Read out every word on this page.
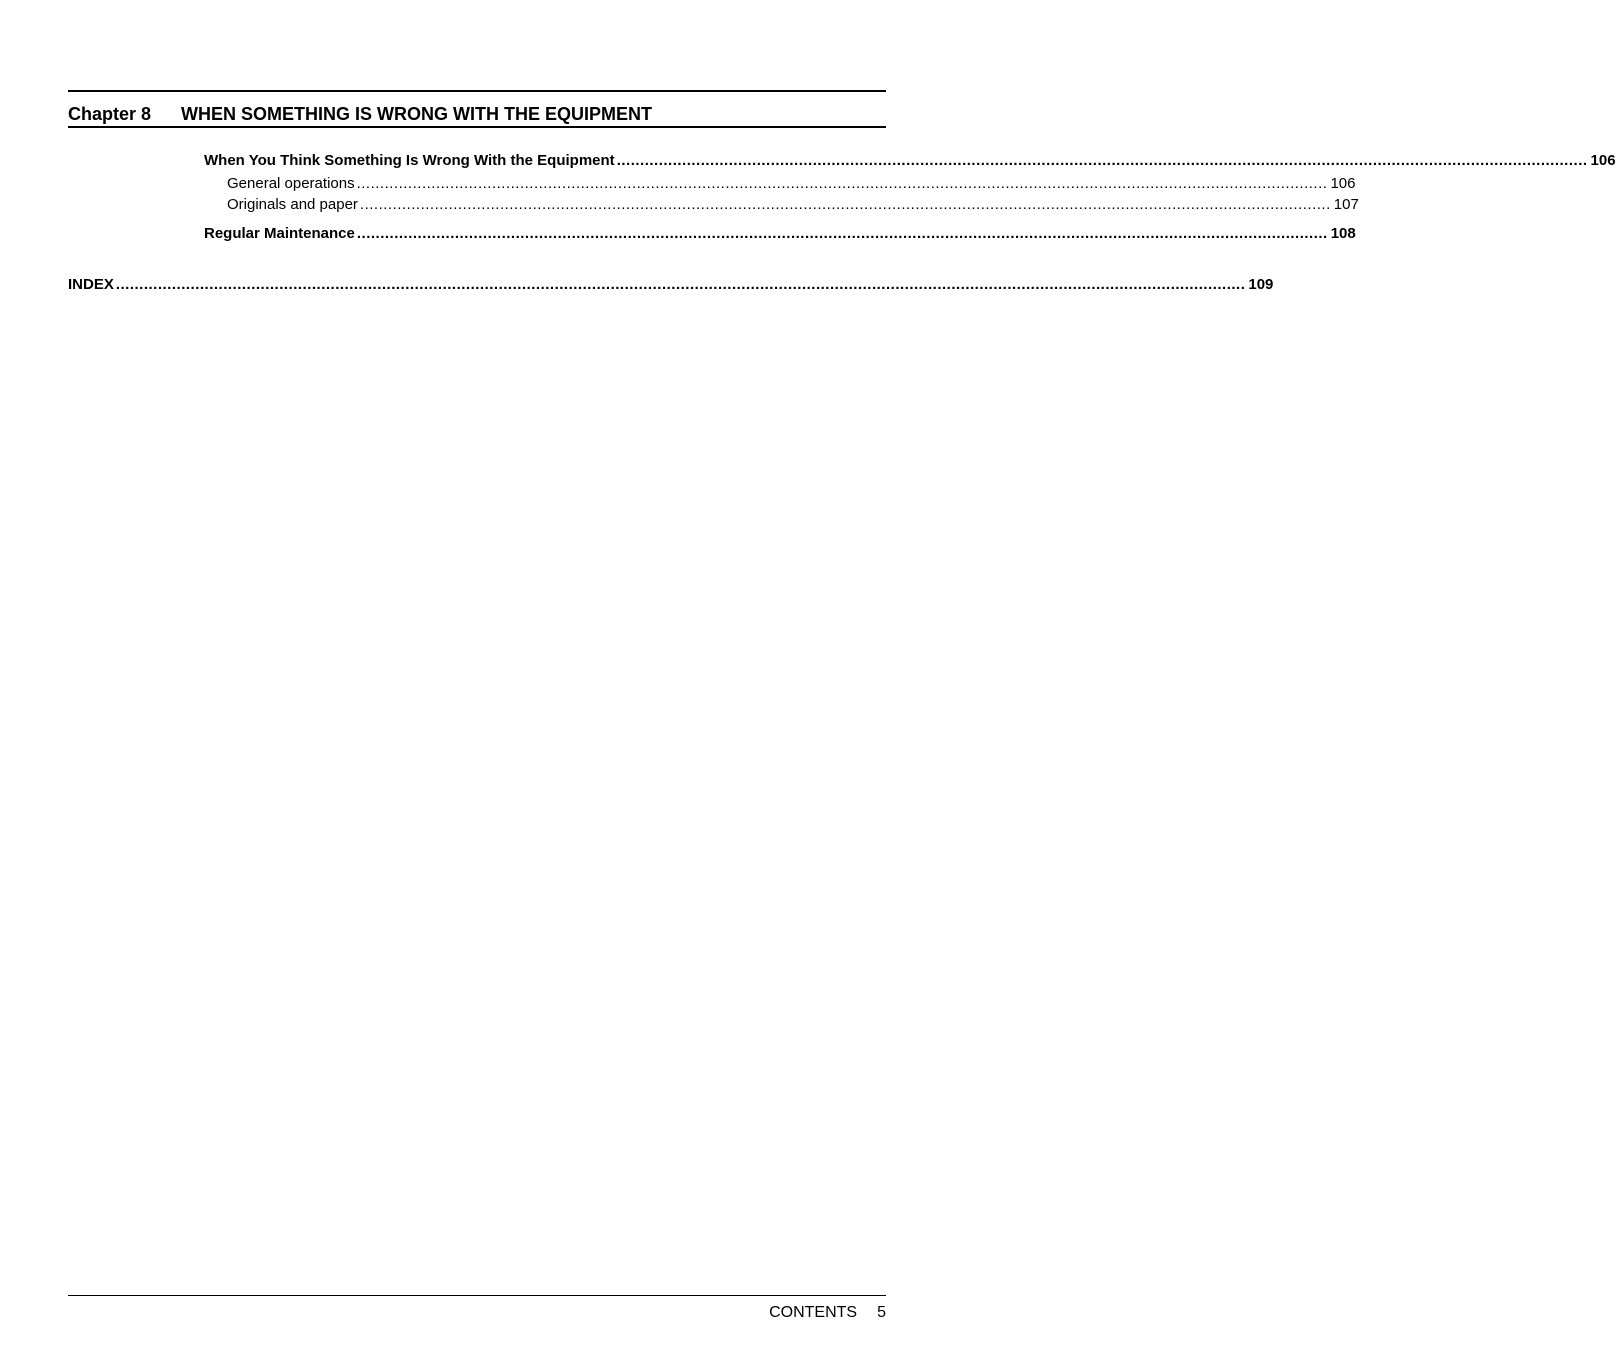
Chapter 8 WHEN SOMETHING IS WRONG WITH THE EQUIPMENT
When You Think Something Is Wrong With the Equipment ................................................................................................................................................................................................................ 106
General operations ................................................................................................................................................................................................................ 106
Originals and paper ................................................................................................................................................................................................................ 107
Regular Maintenance ................................................................................................................................................................................................................ 108
INDEX .................................................................................................................................................................................................................................................. 109
CONTENTS 5
